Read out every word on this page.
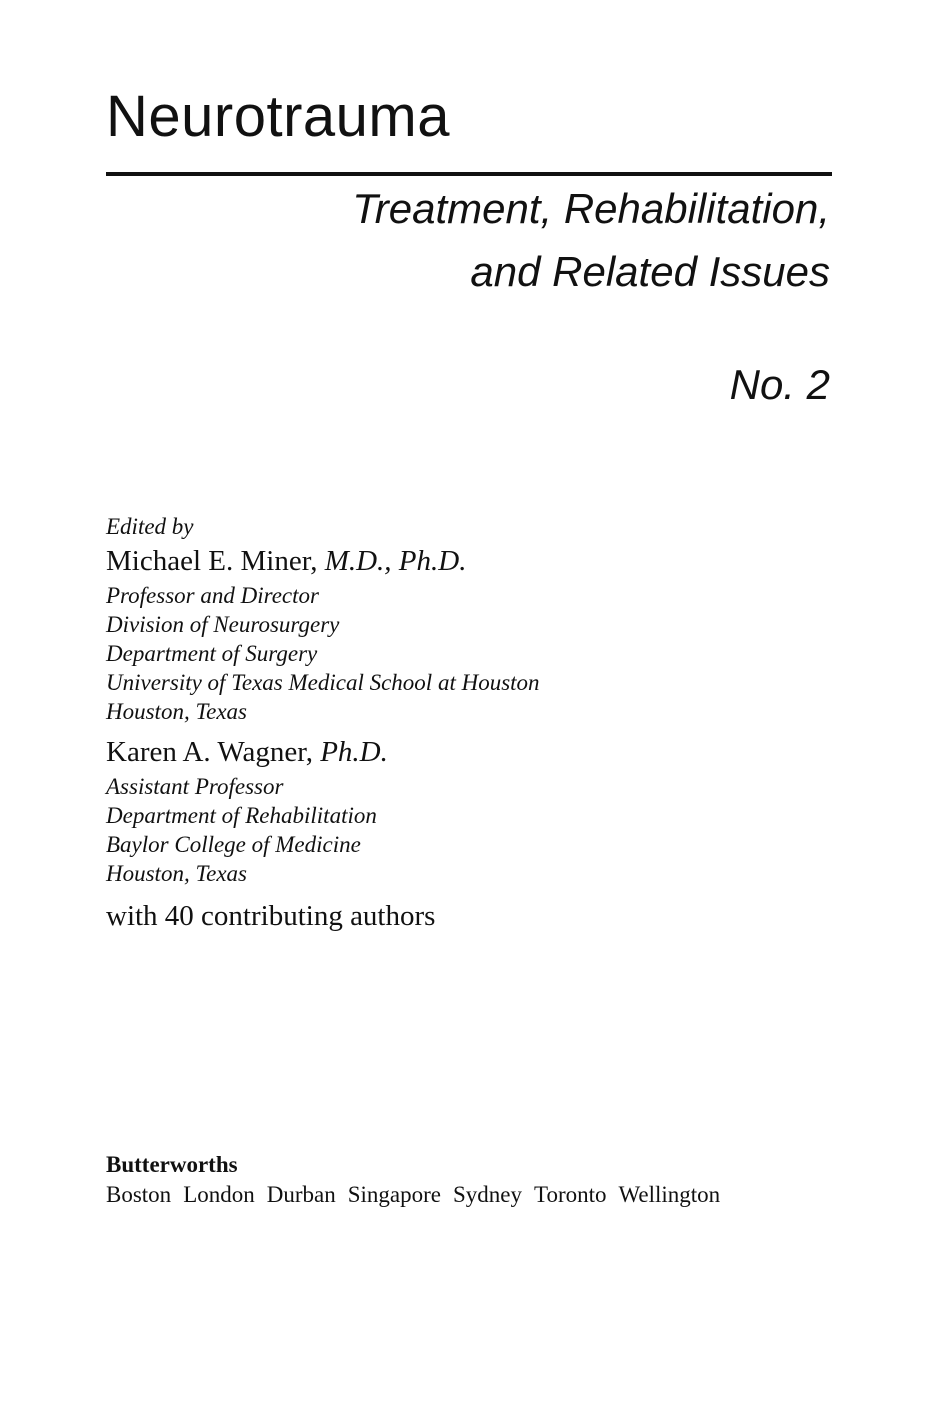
Neurotrauma
Treatment, Rehabilitation,
and Related Issues
No. 2
Edited by
Michael E. Miner, M.D., Ph.D.
Professor and Director
Division of Neurosurgery
Department of Surgery
University of Texas Medical School at Houston
Houston, Texas
Karen A. Wagner, Ph.D.
Assistant Professor
Department of Rehabilitation
Baylor College of Medicine
Houston, Texas
with 40 contributing authors
Butterworths
Boston London Durban Singapore Sydney Toronto Wellington
